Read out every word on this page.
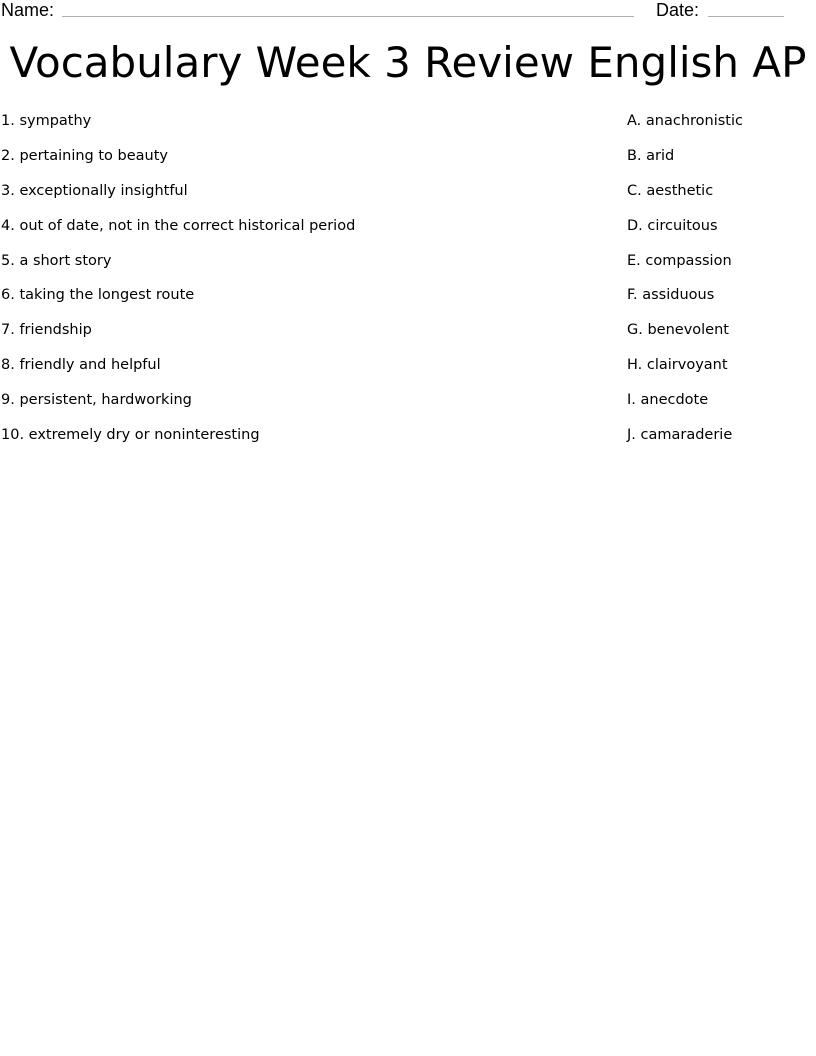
Name:	Date:
Vocabulary Week 3 Review English AP
1. sympathy
2. pertaining to beauty
3. exceptionally insightful
4. out of date, not in the correct historical period
5. a short story
6. taking the longest route
7. friendship
8. friendly and helpful
9. persistent, hardworking
10. extremely dry or noninteresting
A. anachronistic
B. arid
C. aesthetic
D. circuitous
E. compassion
F. assiduous
G. benevolent
H. clairvoyant
I. anecdote
J. camaraderie
